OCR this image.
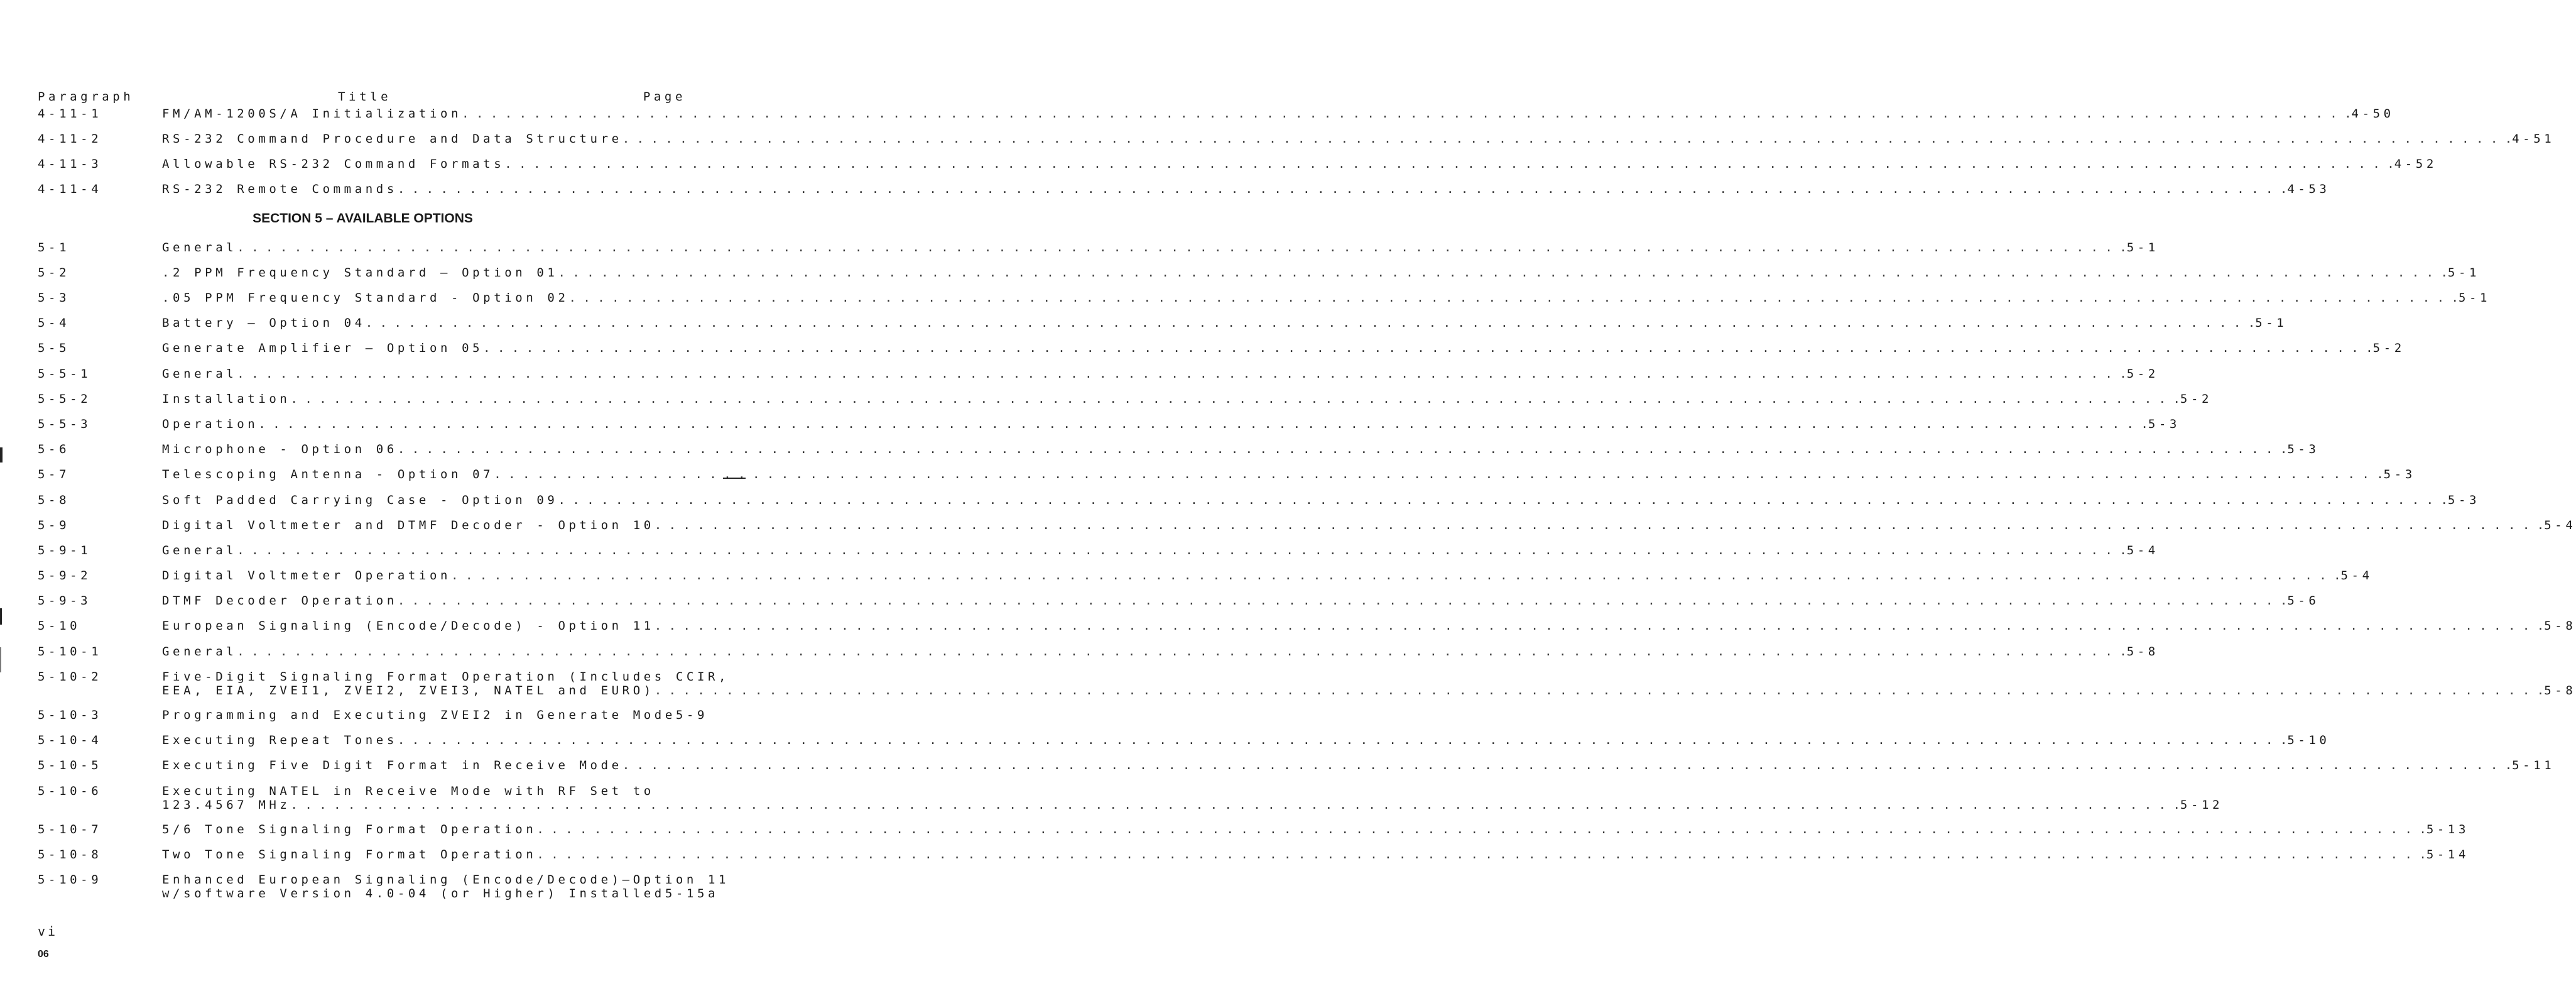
Paragraph	Title	Page
4-11-1	FM/AM-1200S/A Initialization . . .	4-50
4-11-2	RS-232 Command Procedure and Data Structure . . .	4-51
4-11-3	Allowable RS-232 Command Formats . . .	4-52
4-11-4	RS-232 Remote Commands . . .	4-53
SECTION 5 – AVAILABLE OPTIONS
5-1	General . . .	5-1
5-2	.2 PPM Frequency Standard – Option 01 . . .	5-1
5-3	.05 PPM Frequency Standard - Option 02 . . .	5-1
5-4	Battery – Option 04 . . .	5-1
5-5	Generate Amplifier – Option 05 . . .	5-2
5-5-1	General . . .	5-2
5-5-2	Installation . . .	5-2
5-5-3	Operation . . .	5-3
5-6	Microphone - Option 06 . . .	5-3
5-7	Telescoping Antenna - Option 07 . . .	5-3
5-8	Soft Padded Carrying Case - Option 09 . . .	5-3
5-9	Digital Voltmeter and DTMF Decoder - Option 10 . . .	5-4
5-9-1	General . . .	5-4
5-9-2	Digital Voltmeter Operation . . .	5-4
5-9-3	DTMF Decoder Operation . . .	5-6
5-10	European Signaling (Encode/Decode) - Option 11 . . .	5-8
5-10-1	General . . .	5-8
5-10-2	Five-Digit Signaling Format Operation (Includes CCIR,
EEA, EIA, ZVEI1, ZVEI2, ZVEI3, NATEL and EURO) . . .	5-8
5-10-3	Programming and Executing ZVEI2 in Generate Mode 5-9
5-10-4	Executing Repeat Tones . . .	5-10
5-10-5	Executing Five Digit Format in Receive Mode . . .	5-11
5-10-6	Executing NATEL in Receive Mode with RF Set to
123.4567 MHz . . .	5-12
5-10-7	5/6 Tone Signaling Format Operation . . .	5-13
5-10-8	Two Tone Signaling Format Operation . . .	5-14
5-10-9	Enhanced European Signaling (Encode/Decode)–Option 11
w/software Version 4.0-04 (or Higher) Installed 5-15a
vi
06
